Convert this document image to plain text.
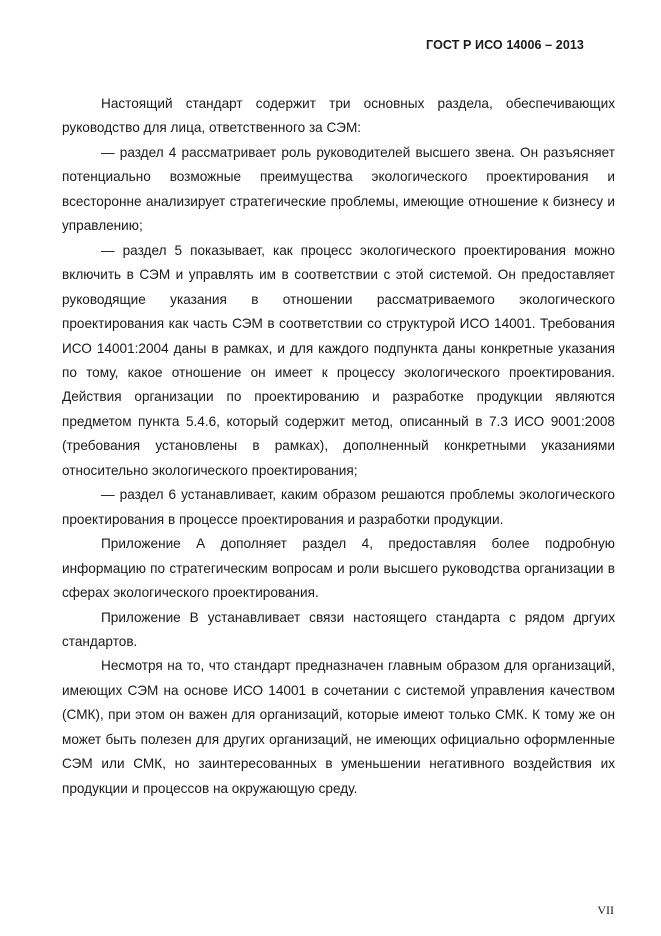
ГОСТ Р ИСО 14006 – 2013

Настоящий стандарт содержит три основных раздела, обеспечивающих руководство для лица, ответственного за СЭМ:

— раздел 4 рассматривает роль руководителей высшего звена. Он разъясняет потенциально возможные преимущества экологического проектирования и всесторонне анализирует стратегические проблемы, имеющие отношение к бизнесу и управлению;

— раздел 5 показывает, как процесс экологического проектирования можно включить в СЭМ и управлять им в соответствии с этой системой. Он предоставляет руководящие указания в отношении рассматриваемого экологического проектирования как часть СЭМ в соответствии со структурой ИСО 14001. Требования ИСО 14001:2004 даны в рамках, и для каждого подпункта даны конкретные указания по тому, какое отношение он имеет к процессу экологического проектирования. Действия организации по проектированию и разработке продукции являются предметом пункта 5.4.6, который содержит метод, описанный в 7.3 ИСО 9001:2008 (требования установлены в рамках), дополненный конкретными указаниями относительно экологического проектирования;

— раздел 6 устанавливает, каким образом решаются проблемы экологического проектирования в процессе проектирования и разработки продукции.

Приложение А дополняет раздел 4, предоставляя более подробную информацию по стратегическим вопросам и роли высшего руководства организации в сферах экологического проектирования.

Приложение В устанавливает связи настоящего стандарта с рядом дргуих стандартов.

Несмотря на то, что стандарт предназначен главным образом для организаций, имеющих СЭМ на основе ИСО 14001 в сочетании с системой управления качеством (СМК), при этом он важен для организаций, которые имеют только СМК. К тому же он может быть полезен для других организаций, не имеющих официально оформленные СЭМ или СМК, но заинтересованных в уменьшении негативного воздействия их продукции и процессов на окружающую среду.

VII
